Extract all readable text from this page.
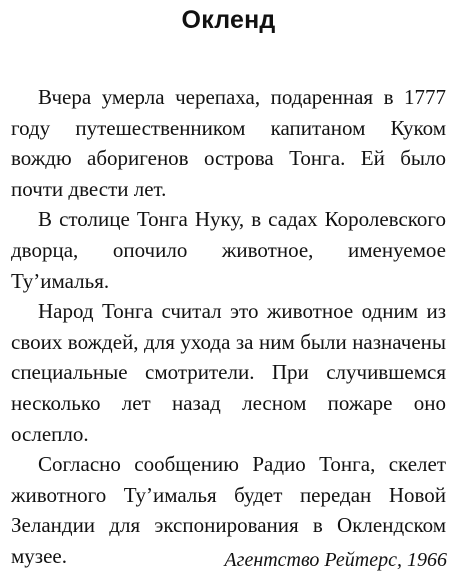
Окленд

Вчера умерла черепаха, подаренная в 1777 году путешественником капитаном Куком вождю аборигенов острова Тонга. Ей было почти двести лет.

В столице Тонга Нуку, в садах Королевского дворца, опочило животное, именуемое Ту’ималья.

Народ Тонга считал это животное одним из своих вождей, для ухода за ним были назначены специальные смотрители. При случившемся несколько лет назад лесном пожаре оно ослепло.

Согласно сообщению Радио Тонга, скелет животного Ту’ималья будет передан Новой Зеландии для экспонирования в Оклендском музее.	Агентство Рейтерс, 1966
